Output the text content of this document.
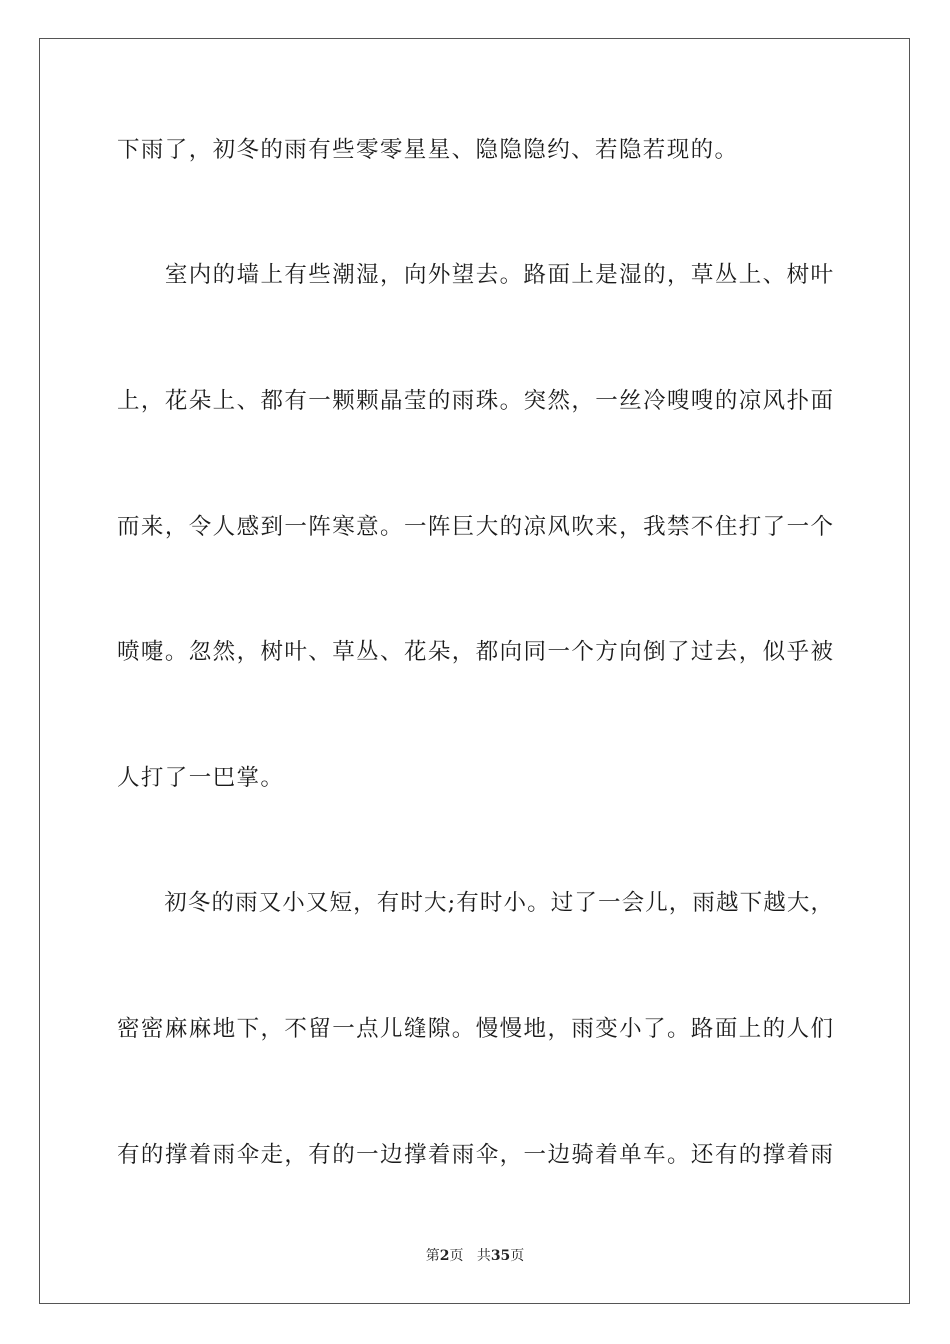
下雨了，初冬的雨有些零零星星、隐隐隐约、若隐若现的。
　　室内的墙上有些潮湿，向外望去。路面上是湿的，草丛上、树叶
上，花朵上、都有一颗颗晶莹的雨珠。突然，一丝冷嗖嗖的凉风扑面
而来，令人感到一阵寒意。一阵巨大的凉风吹来，我禁不住打了一个
喷嚏。忽然，树叶、草丛、花朵，都向同一个方向倒了过去，似乎被
人打了一巴掌。
　　初冬的雨又小又短，有时大;有时小。过了一会儿，雨越下越大，
密密麻麻地下，不留一点儿缝隙。慢慢地，雨变小了。路面上的人们
有的撑着雨伞走，有的一边撑着雨伞，一边骑着单车。还有的撑着雨
第2页 共35页
